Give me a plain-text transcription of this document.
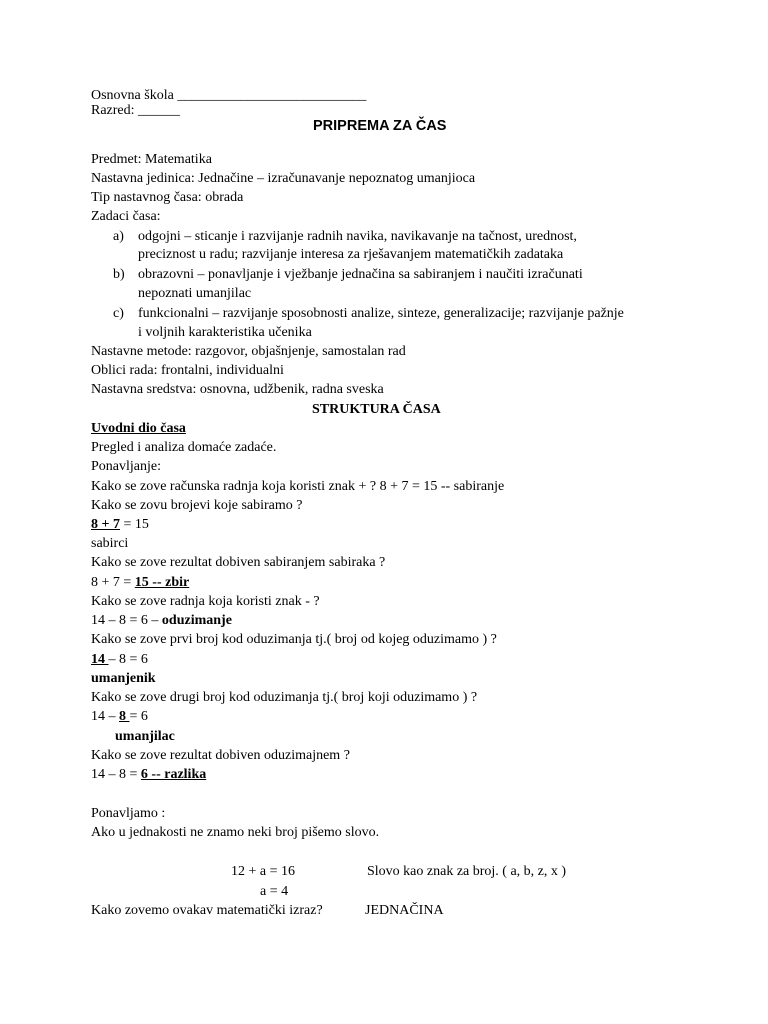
Osnovna škola ___________________________
Razred: ______
PRIPREMA ZA ČAS
Predmet: Matematika
Nastavna jedinica: Jednačine – izračunavanje nepoznatog umanjioca
Tip nastavnog časa: obrada
Zadaci časa:
a) odgojni – sticanje i razvijanje radnih navika, navikavanje na tačnost, urednost,
preciznost u radu; razvijanje interesa za rješavanjem matematičkih zadataka
b) obrazovni – ponavljanje i vježbanje jednačina sa sabiranjem i naučiti izračunati
nepoznati umanjilac
c) funkcionalni – razvijanje sposobnosti analize, sinteze, generalizacije; razvijanje pažnje
i voljnih karakteristika učenika
Nastavne metode: razgovor, objašnjenje, samostalan rad
Oblici rada: frontalni, individualni
Nastavna sredstva: osnovna, udžbenik, radna sveska
STRUKTURA ČASA
Uvodni dio časa
Pregled i analiza domaće zadaće.
Ponavljanje:
Kako se zove računska radnja koja koristi znak + ? 8 + 7 = 15 -- sabiranje
Kako se zovu brojevi koje sabiramo ?
8 + 7 = 15
sabirci
Kako se zove rezultat dobiven sabiranjem sabiraka ?
8 + 7 = 15 -- zbir
Kako se zove radnja koja koristi znak - ?
14 – 8 = 6 – oduzimanje
Kako se zove prvi broj kod oduzimanja tj.( broj od kojeg oduzimamo ) ?
14 – 8 = 6
umanjenik
Kako se zove drugi broj kod oduzimanja tj.( broj koji oduzimamo ) ?
14 – 8 = 6
umanjilac
Kako se zove rezultat dobiven oduzimajnem ?
14 – 8 = 6 -- razlika
Ponavljamo :
Ako u jednakosti ne znamo neki broj pišemo slovo.
12 + a = 16	Slovo kao znak za broj. ( a, b, z, x )
a = 4
Kako zovemo ovakav matematički izraz?	JEDNAČINA
